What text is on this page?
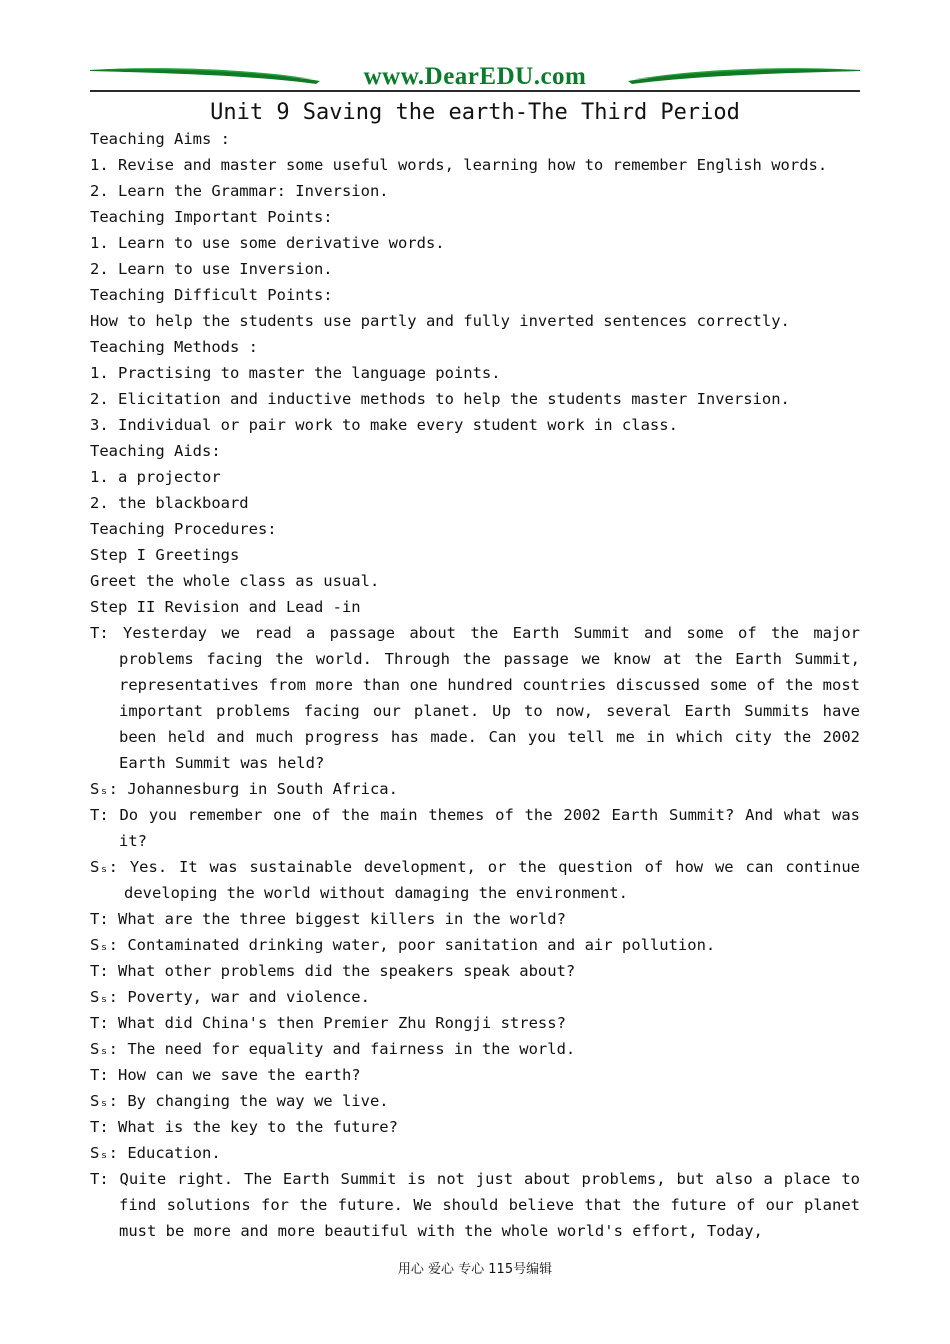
www.DearEDU.com
Unit 9 Saving the earth-The Third Period
Teaching Aims :
1. Revise and master some useful words, learning how to remember English words.
2. Learn the Grammar: Inversion.
Teaching Important Points:
1. Learn to use some derivative words.
2. Learn to use Inversion.
Teaching Difficult Points:
How to help the students use partly and fully inverted sentences correctly.
Teaching Methods :
1. Practising to master the language points.
2. Elicitation and inductive methods to help the students master Inversion.
3. Individual or pair work to make every student work in class.
Teaching Aids:
1. a projector
2. the blackboard
Teaching Procedures:
Step I Greetings
Greet the whole class as usual.
Step II Revision and Lead -in
T: Yesterday we read a passage about the Earth Summit and some of the major problems facing the world. Through the passage we know at the Earth Summit, representatives from more than one hundred countries discussed some of the most important problems facing our planet. Up to now, several Earth Summits have been held and much progress has made. Can you tell me in which city the 2002 Earth Summit was held?
Sₛ: Johannesburg in South Africa.
T: Do you remember one of the main themes of the 2002 Earth Summit? And what was it?
Sₛ: Yes. It was sustainable development, or the question of how we can continue developing the world without damaging the environment.
T: What are the three biggest killers in the world?
Sₛ: Contaminated drinking water, poor sanitation and air pollution.
T: What other problems did the speakers speak about?
Sₛ: Poverty, war and violence.
T: What did China's then Premier Zhu Rongji stress?
Sₛ: The need for equality and fairness in the world.
T: How can we save the earth?
Sₛ: By changing the way we live.
T: What is the key to the future?
Sₛ: Education.
T: Quite right. The Earth Summit is not just about problems, but also a place to find solutions for the future. We should believe that the future of our planet must be more and more beautiful with the whole world's effort, Today,
用心 爱心 专心 115号编辑
